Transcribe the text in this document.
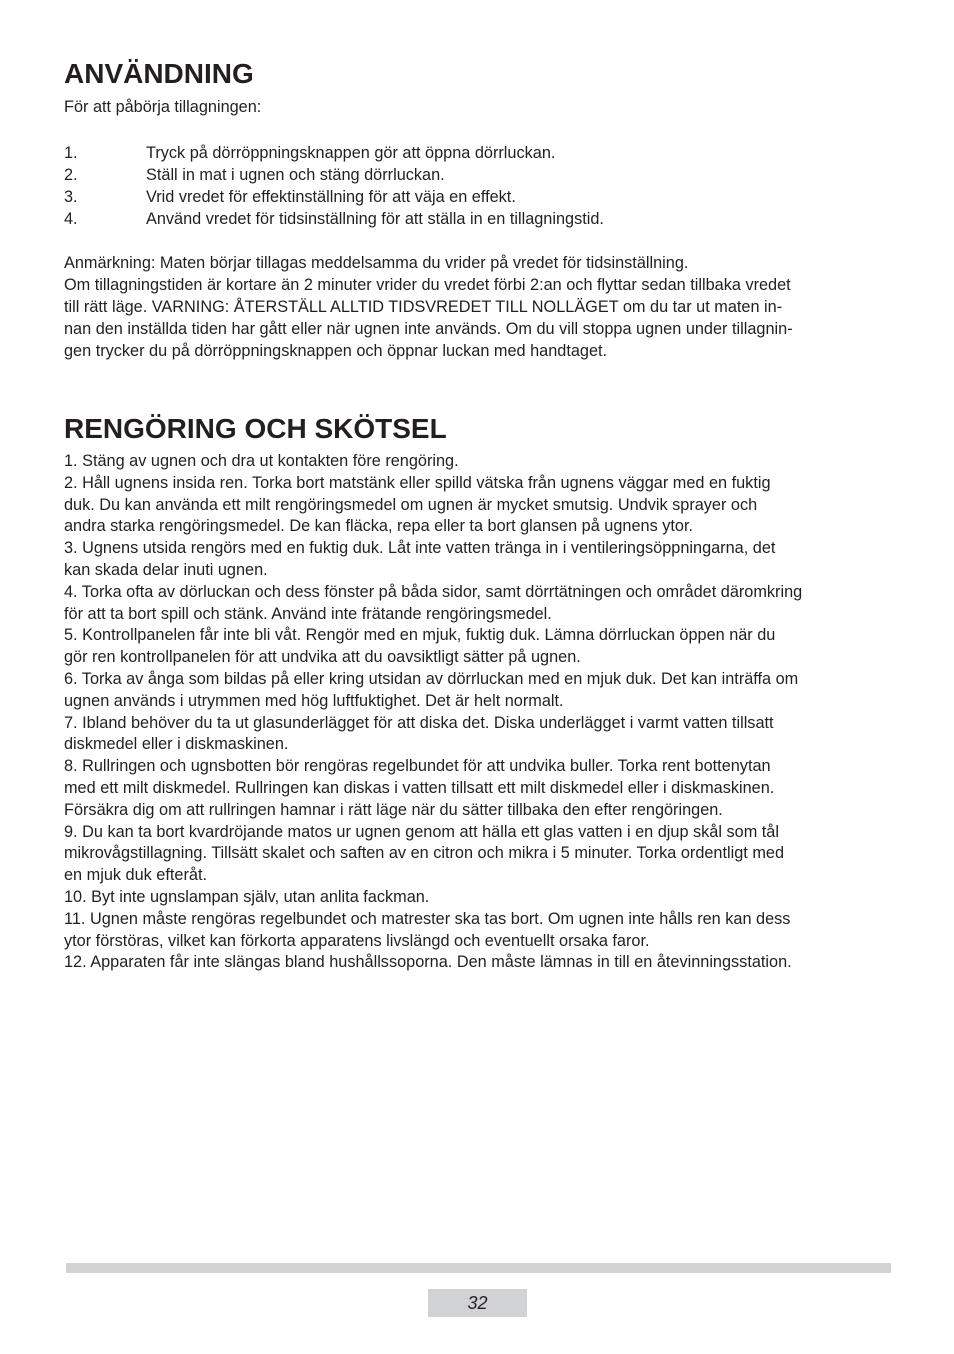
ANVÄNDNING

För att påbörja tillagningen:

1.	Tryck på dörröppningsknappen gör att öppna dörrluckan.
2.	Ställ in mat i ugnen och stäng dörrluckan.
3.	Vrid vredet för effektinställning för att väja en effekt.
4.	Använd vredet för tidsinställning för att ställa in en tillagningstid.
Anmärkning: Maten börjar tillagas meddelsamma du vrider på vredet för tidsinställning.
Om tillagningstiden är kortare än 2 minuter vrider du vredet förbi 2:an och flyttar sedan tillbaka vredet
till rätt läge. VARNING: ÅTERSTÄLL ALLTID TIDSVREDET TILL NOLLÄGET om du tar ut maten in-
nan den inställda tiden har gått eller när ugnen inte används. Om du vill stoppa ugnen under tillagnin-
gen trycker du på dörröppningsknappen och öppnar luckan med handtaget.
RENGÖRING OCH SKÖTSEL
1. Stäng av ugnen och dra ut kontakten före rengöring.
2. Håll ugnens insida ren. Torka bort matstänk eller spilld vätska från ugnens väggar med en fuktig
duk. Du kan använda ett milt rengöringsmedel om ugnen är mycket smutsig. Undvik sprayer och
andra starka rengöringsmedel. De kan fläcka, repa eller ta bort glansen på ugnens ytor.
3. Ugnens utsida rengörs med en fuktig duk. Låt inte vatten tränga in i ventileringsöppningarna, det
kan skada delar inuti ugnen.
4. Torka ofta av dörluckan och dess fönster på båda sidor, samt dörrtätningen och området däromkring
för att ta bort spill och stänk. Använd inte frätande rengöringsmedel.
5. Kontrollpanelen får inte bli våt. Rengör med en mjuk, fuktig duk. Lämna dörrluckan öppen när du
gör ren kontrollpanelen för att undvika att du oavsiktligt sätter på ugnen.
6. Torka av ånga som bildas på eller kring utsidan av dörrluckan med en mjuk duk. Det kan inträffa om
ugnen används i utrymmen med hög luftfuktighet. Det är helt normalt.
7. Ibland behöver du ta ut glasunderlägget för att diska det. Diska underlägget i varmt vatten tillsatt
diskmedel eller i diskmaskinen.
8. Rullringen och ugnsbotten bör rengöras regelbundet för att undvika buller. Torka rent bottenytan
med ett milt diskmedel. Rullringen kan diskas i vatten tillsatt ett milt diskmedel eller i diskmaskinen.
Försäkra dig om att rullringen hamnar i rätt läge när du sätter tillbaka den efter rengöringen.
9. Du kan ta bort kvardröjande matos ur ugnen genom att hälla ett glas vatten i en djup skål som tål
mikrovågstillagning. Tillsätt skalet och saften av en citron och mikra i 5 minuter. Torka ordentligt med
en mjuk duk efteråt.
10. Byt inte ugnslampan själv, utan anlita fackman.
11. Ugnen måste rengöras regelbundet och matrester ska tas bort. Om ugnen inte hålls ren kan dess
ytor förstöras, vilket kan förkorta apparatens livslängd och eventuellt orsaka faror.
12. Apparaten får inte slängas bland hushållssoporna. Den måste lämnas in till en åtevinningsstation.
32
